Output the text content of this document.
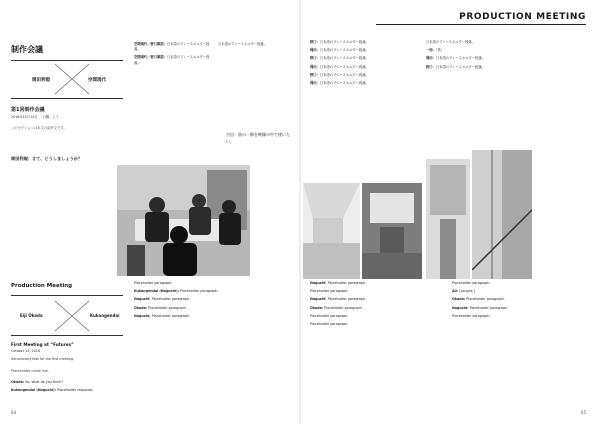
PRODUCTION MEETING
制作会議
岡田利規	空間現代
第1回制作会議
2016年10月14日　「日曜」にて
このセクションは本文の紹介文です。
岡田利規：さて、どうしましょうか？

空間現代／野口順哉：日本語のプレースホルダー段落。

空間現代／野口順哉：日本語のプレースホルダー段落。

日本語のプレースホルダー段落。

吉田：曲の一節を映像の中で使いたい。
Production Meeting
Eiji Okada	Kukangendai
First Meeting at “Futures”
October 14, 2016
Introductory text for the first meeting.
Placeholder credit line.

Okada: So, what do you think?

Kukangendai (Noguchi): Placeholder response.

Placeholder paragraph.

Kukangendai (Noguchi): Placeholder paragraph.

Noguchi: Placeholder paragraph.

Okada: Placeholder paragraph.

Noguchi: Placeholder paragraph.

64

野口：日本語のプレースホルダー段落。

岡田：日本語のプレースホルダー段落。

野口：日本語のプレースホルダー段落。

岡田：日本語のプレースホルダー段落。

野口：日本語のプレースホルダー段落。

岡田：日本語のプレースホルダー段落。

日本語のプレースホルダー段落。

一同：（笑）

岡田：日本語のプレースホルダー段落。

野口：日本語のプレースホルダー段落。

Noguchi: Placeholder paragraph.

Placeholder paragraph.

Noguchi: Placeholder paragraph.

Okada: Placeholder paragraph.

Placeholder paragraph.

Placeholder paragraph.

Placeholder paragraph.

All: [Laughs.]

Okada: Placeholder paragraph.

Noguchi: Placeholder paragraph.

Placeholder paragraph.

65
